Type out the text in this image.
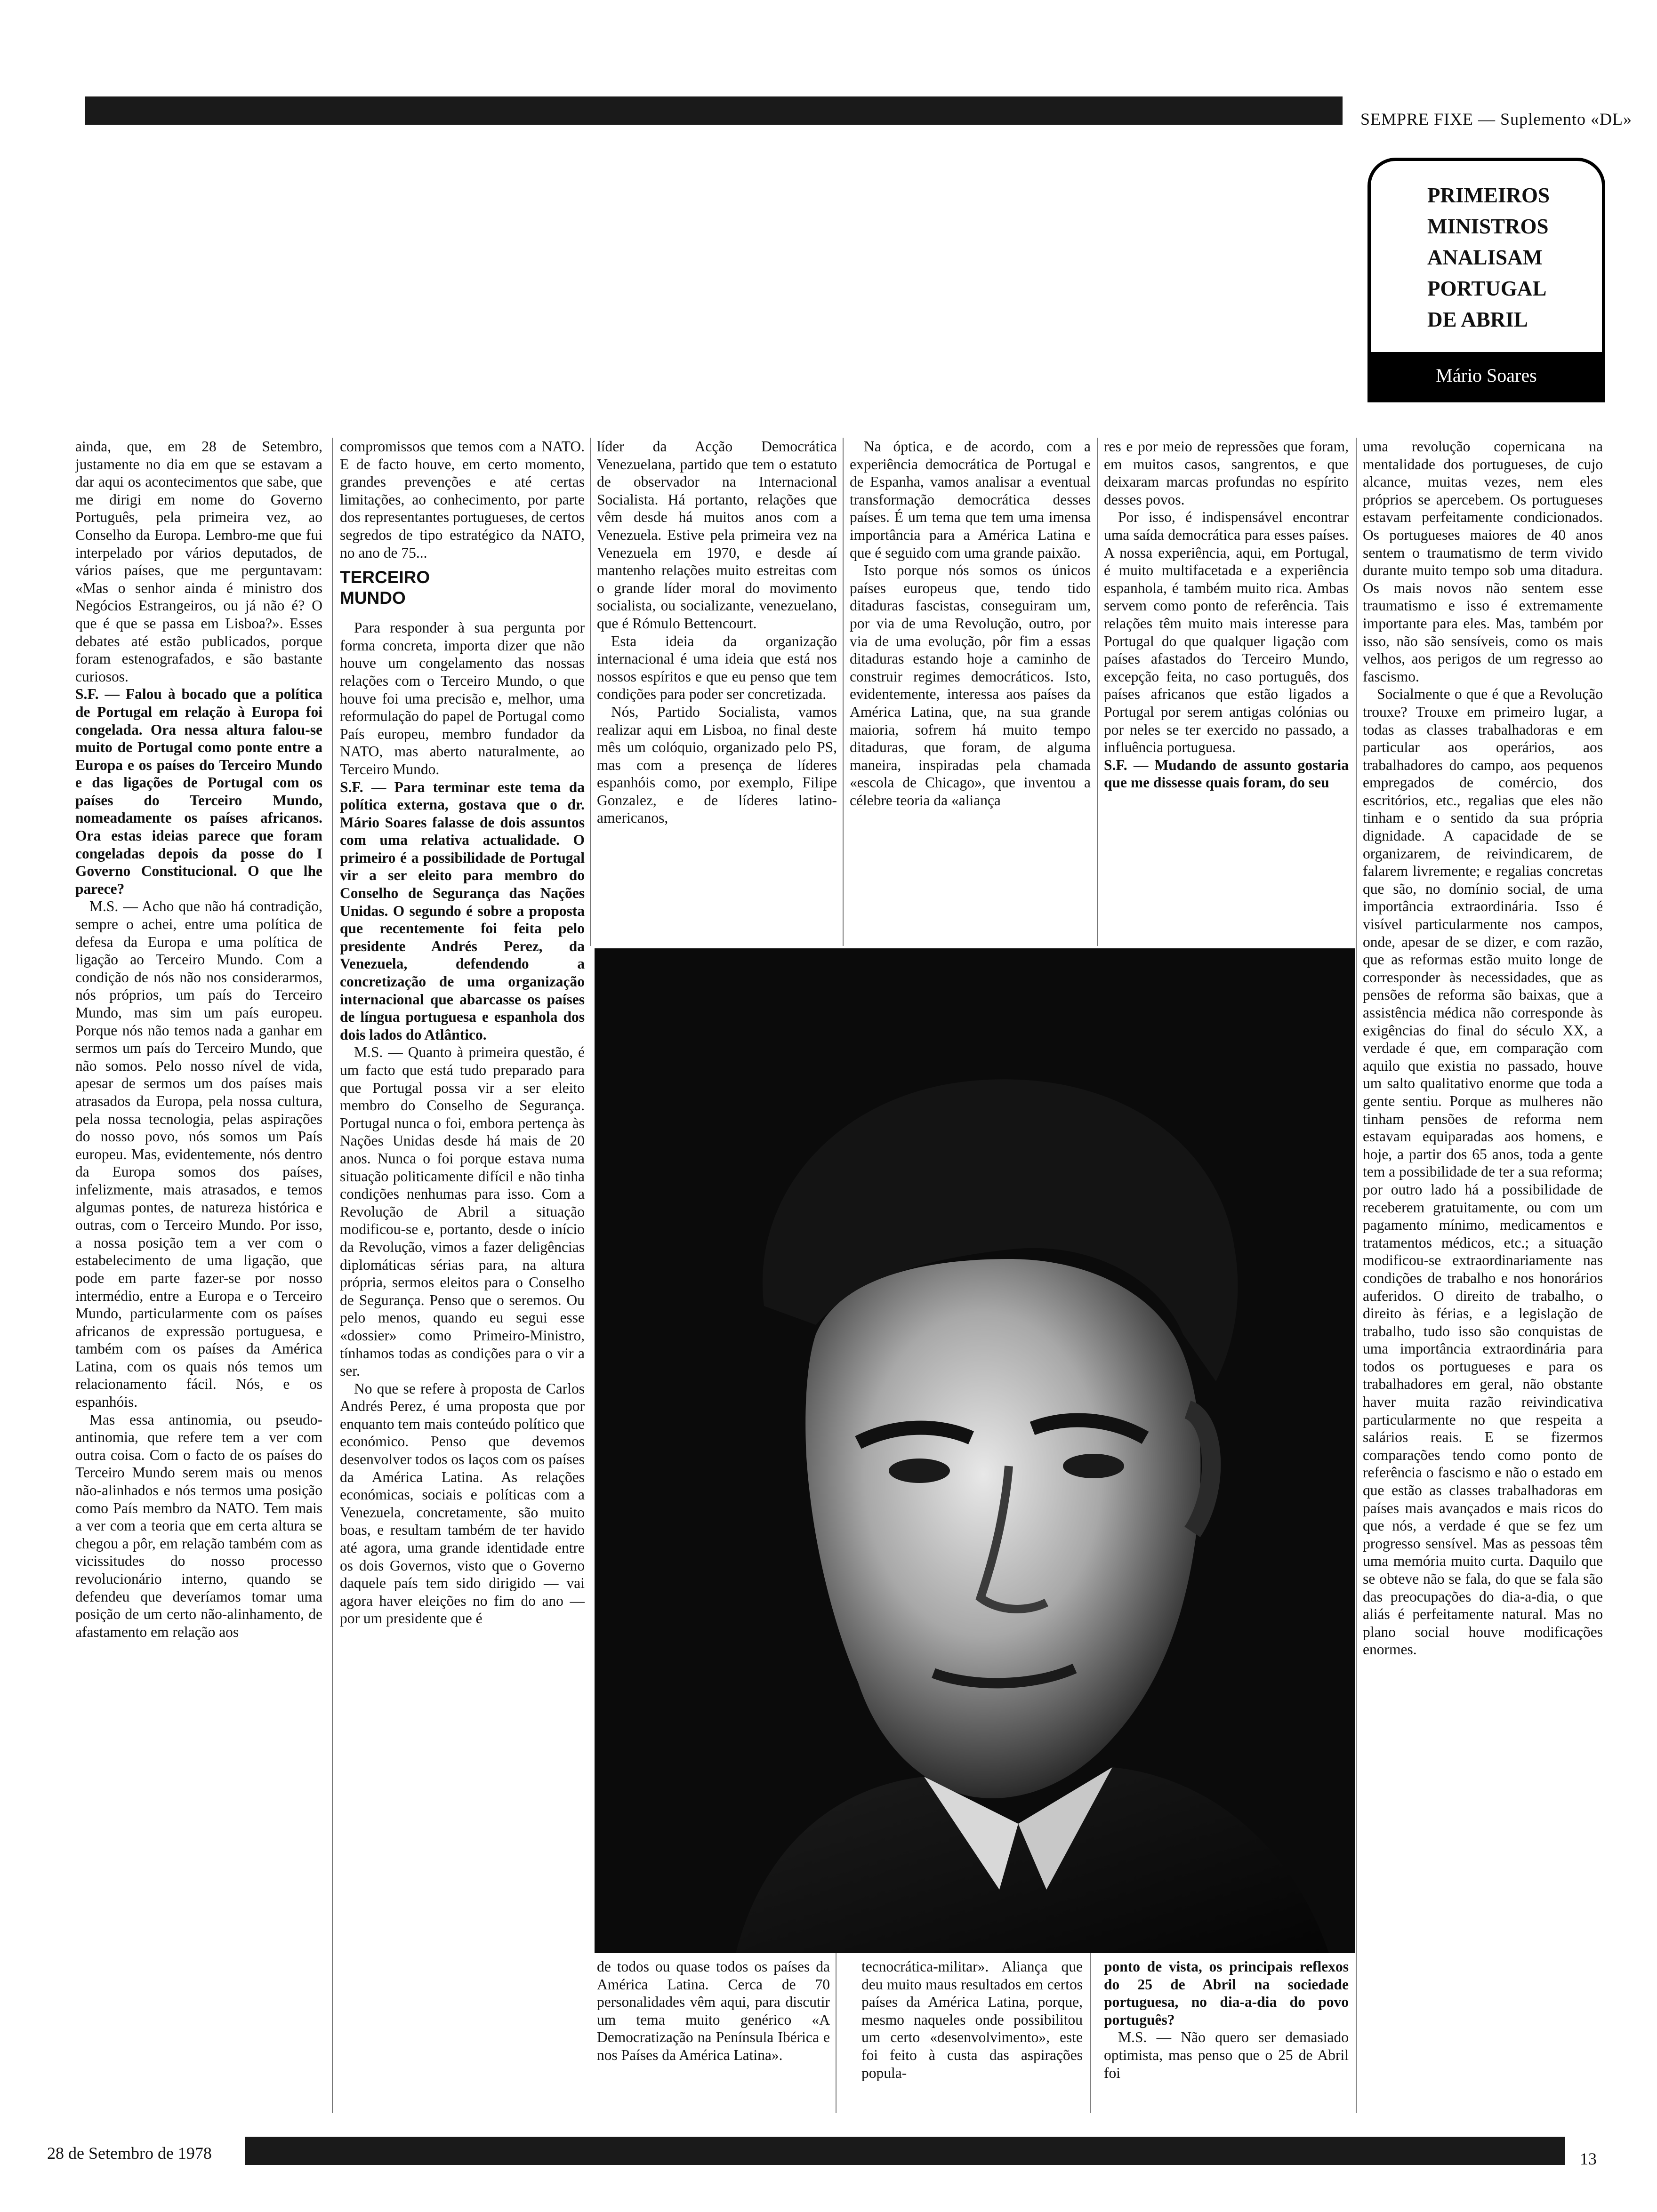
SEMPRE FIXE — Suplemento «DL»
PRIMEIROS
MINISTROS
ANALISAM
PORTUGAL
DE ABRIL
Mário Soares

ainda, que, em 28 de Setembro, justamente no dia em que se estavam a dar aqui os acontecimentos que sabe, que me dirigi em nome do Governo Português, pela primeira vez, ao Conselho da Europa. Lembro-me que fui interpelado por vários deputados, de vários países, que me perguntavam: «Mas o senhor ainda é ministro dos Negócios Estrangeiros, ou já não é? O que é que se passa em Lisboa?». Esses debates até estão publicados, porque foram estenografados, e são bastante curiosos.

S.F. — Falou à bocado que a política de Portugal em relação à Europa foi congelada. Ora nessa altura falou-se muito de Portugal como ponte entre a Europa e os países do Terceiro Mundo e das ligações de Portugal com os países do Terceiro Mundo, nomeadamente os países africanos. Ora estas ideias parece que foram congeladas depois da posse do I Governo Constitucional. O que lhe parece?

M.S. — Acho que não há contradição, sempre o achei, entre uma política de defesa da Europa e uma política de ligação ao Terceiro Mundo. Com a condição de nós não nos considerarmos, nós próprios, um país do Terceiro Mundo, mas sim um país europeu. Porque nós não temos nada a ganhar em sermos um país do Terceiro Mundo, que não somos. Pelo nosso nível de vida, apesar de sermos um dos países mais atrasados da Europa, pela nossa cultura, pela nossa tecnologia, pelas aspirações do nosso povo, nós somos um País europeu. Mas, evidentemente, nós dentro da Europa somos dos países, infelizmente, mais atrasados, e temos algumas pontes, de natureza histórica e outras, com o Terceiro Mundo. Por isso, a nossa posição tem a ver com o estabelecimento de uma ligação, que pode em parte fazer-se por nosso intermédio, entre a Europa e o Terceiro Mundo, particularmente com os países africanos de expressão portuguesa, e também com os países da América Latina, com os quais nós temos um relacionamento fácil. Nós, e os espanhóis.

Mas essa antinomia, ou pseudo-antinomia, que refere tem a ver com outra coisa. Com o facto de os países do Terceiro Mundo serem mais ou menos não-alinhados e nós termos uma posição como País membro da NATO. Tem mais a ver com a teoria que em certa altura se chegou a pôr, em relação também com as vicissitudes do nosso processo revolucionário interno, quando se defendeu que deveríamos tomar uma posição de um certo não-alinhamento, de afastamento em relação aos

compromissos que temos com a NATO. E de facto houve, em certo momento, grandes prevenções e até certas limitações, ao conhecimento, por parte dos representantes portugueses, de certos segredos de tipo estratégico da NATO, no ano de 75...

TERCEIRO MUNDO

Para responder à sua pergunta por forma concreta, importa dizer que não houve um congelamento das nossas relações com o Terceiro Mundo, o que houve foi uma precisão e, melhor, uma reformulação do papel de Portugal como País europeu, membro fundador da NATO, mas aberto naturalmente, ao Terceiro Mundo.

S.F. — Para terminar este tema da política externa, gostava que o dr. Mário Soares falasse de dois assuntos com uma relativa actualidade. O primeiro é a possibilidade de Portugal vir a ser eleito para membro do Conselho de Segurança das Nações Unidas. O segundo é sobre a proposta que recentemente foi feita pelo presidente Andrés Perez, da Venezuela, defendendo a concretização de uma organização internacional que abarcasse os países de língua portuguesa e espanhola dos dois lados do Atlântico.

M.S. — Quanto à primeira questão, é um facto que está tudo preparado para que Portugal possa vir a ser eleito membro do Conselho de Segurança. Portugal nunca o foi, embora pertença às Nações Unidas desde há mais de 20 anos. Nunca o foi porque estava numa situação politicamente difícil e não tinha condições nenhumas para isso. Com a Revolução de Abril a situação modificou-se e, portanto, desde o início da Revolução, vimos a fazer deligências diplomáticas sérias para, na altura própria, sermos eleitos para o Conselho de Segurança. Penso que o seremos. Ou pelo menos, quando eu segui esse «dossier» como Primeiro-Ministro, tínhamos todas as condições para o vir a ser.

No que se refere à proposta de Carlos Andrés Perez, é uma proposta que por enquanto tem mais conteúdo político que económico. Penso que devemos desenvolver todos os laços com os países da América Latina. As relações económicas, sociais e políticas com a Venezuela, concretamente, são muito boas, e resultam também de ter havido até agora, uma grande identidade entre os dois Governos, visto que o Governo daquele país tem sido dirigido — vai agora haver eleições no fim do ano — por um presidente que é

líder da Acção Democrática Venezuelana, partido que tem o estatuto de observador na Internacional Socialista. Há portanto, relações que vêm desde há muitos anos com a Venezuela. Estive pela primeira vez na Venezuela em 1970, e desde aí mantenho relações muito estreitas com o grande líder moral do movimento socialista, ou socializante, venezuelano, que é Rómulo Bettencourt.

Esta ideia da organização internacional é uma ideia que está nos nossos espíritos e que eu penso que tem condições para poder ser concretizada.

Nós, Partido Socialista, vamos realizar aqui em Lisboa, no final deste mês um colóquio, organizado pelo PS, mas com a presença de líderes espanhóis como, por exemplo, Filipe Gonzalez, e de líderes latino-americanos,

Na óptica, e de acordo, com a experiência democrática de Portugal e de Espanha, vamos analisar a eventual transformação democrática desses países. É um tema que tem uma imensa importância para a América Latina e que é seguido com uma grande paixão.

Isto porque nós somos os únicos países europeus que, tendo tido ditaduras fascistas, conseguiram um, por via de uma Revolução, outro, por via de uma evolução, pôr fim a essas ditaduras estando hoje a caminho de construir regimes democráticos. Isto, evidentemente, interessa aos países da América Latina, que, na sua grande maioria, sofrem há muito tempo ditaduras, que foram, de alguma maneira, inspiradas pela chamada «escola de Chicago», que inventou a célebre teoria da «aliança

res e por meio de repressões que foram, em muitos casos, sangrentos, e que deixaram marcas profundas no espírito desses povos.

Por isso, é indispensável encontrar uma saída democrática para esses países. A nossa experiência, aqui, em Portugal, é muito multifacetada e a experiência espanhola, é também muito rica. Ambas servem como ponto de referência. Tais relações têm muito mais interesse para Portugal do que qualquer ligação com países afastados do Terceiro Mundo, excepção feita, no caso português, dos países africanos que estão ligados a Portugal por serem antigas colónias ou por neles se ter exercido no passado, a influência portuguesa.

S.F. — Mudando de assunto gostaria que me dissesse quais foram, do seu

uma revolução copernicana na mentalidade dos portugueses, de cujo alcance, muitas vezes, nem eles próprios se apercebem. Os portugueses estavam perfeitamente condicionados. Os portugueses maiores de 40 anos sentem o traumatismo de term vivido durante muito tempo sob uma ditadura. Os mais novos não sentem esse traumatismo e isso é extremamente importante para eles. Mas, também por isso, não são sensíveis, como os mais velhos, aos perigos de um regresso ao fascismo.

Socialmente o que é que a Revolução trouxe? Trouxe em primeiro lugar, a todas as classes trabalhadoras e em particular aos operários, aos trabalhadores do campo, aos pequenos empregados de comércio, dos escritórios, etc., regalias que eles não tinham e o sentido da sua própria dignidade. A capacidade de se organizarem, de reivindicarem, de falarem livremente; e regalias concretas que são, no domínio social, de uma importância extraordinária. Isso é visível particularmente nos campos, onde, apesar de se dizer, e com razão, que as reformas estão muito longe de corresponder às necessidades, que as pensões de reforma são baixas, que a assistência médica não corresponde às exigências do final do século XX, a verdade é que, em comparação com aquilo que existia no passado, houve um salto qualitativo enorme que toda a gente sentiu. Porque as mulheres não tinham pensões de reforma nem estavam equiparadas aos homens, e hoje, a partir dos 65 anos, toda a gente tem a possibilidade de ter a sua reforma; por outro lado há a possibilidade de receberem gratuitamente, ou com um pagamento mínimo, medicamentos e tratamentos médicos, etc.; a situação modificou-se extraordinariamente nas condições de trabalho e nos honorários auferidos. O direito de trabalho, o direito às férias, e a legislação de trabalho, tudo isso são conquistas de uma importância extraordinária para todos os portugueses e para os trabalhadores em geral, não obstante haver muita razão reivindicativa particularmente no que respeita a salários reais. E se fizermos comparações tendo como ponto de referência o fascismo e não o estado em que estão as classes trabalhadoras em países mais avançados e mais ricos do que nós, a verdade é que se fez um progresso sensível. Mas as pessoas têm uma memória muito curta. Daquilo que se obteve não se fala, do que se fala são das preocupações do dia-a-dia, o que aliás é perfeitamente natural. Mas no plano social houve modificações enormes.

de todos ou quase todos os países da América Latina. Cerca de 70 personalidades vêm aqui, para discutir um tema muito genérico «A Democratização na Península Ibérica e nos Países da América Latina».

tecnocrática-militar». Aliança que deu muito maus resultados em certos países da América Latina, porque, mesmo naqueles onde possibilitou um certo «desenvolvimento», este foi feito à custa das aspirações popula-

ponto de vista, os principais reflexos do 25 de Abril na sociedade portuguesa, no dia-a-dia do povo português?

M.S. — Não quero ser demasiado optimista, mas penso que o 25 de Abril foi

28 de Setembro de 1978	13
